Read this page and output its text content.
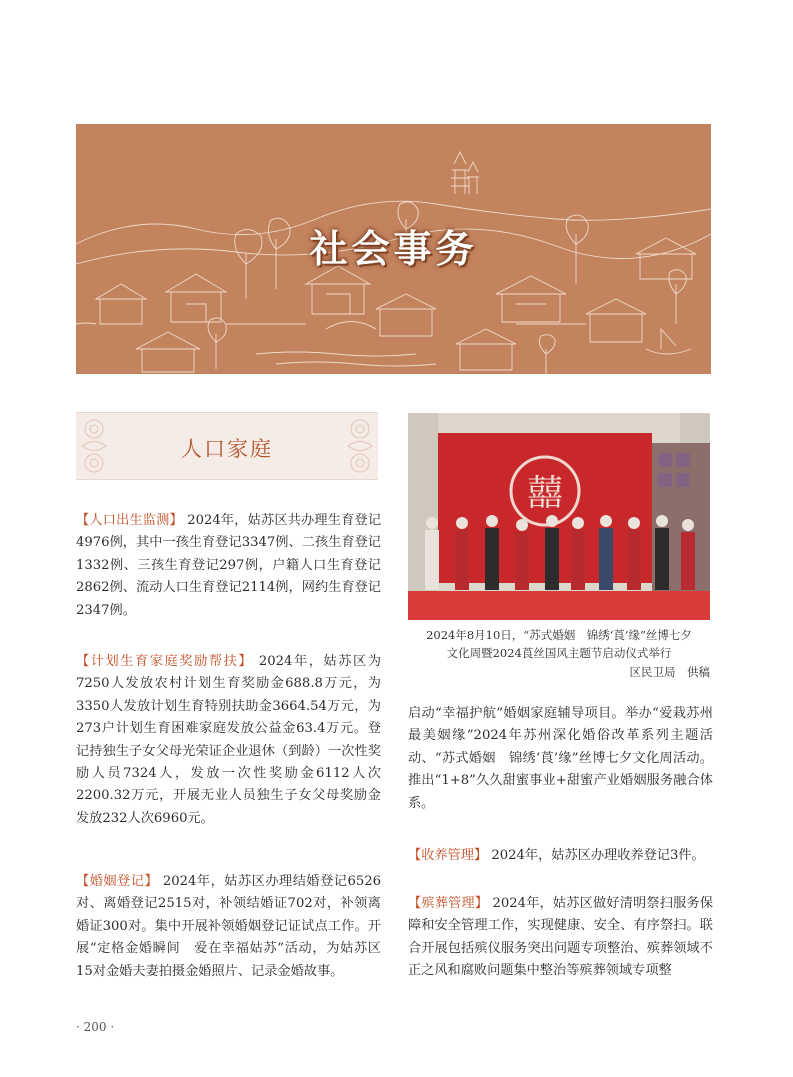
社会事务
人口家庭
【人口出生监测】 2024年，姑苏区共办理生育登记4976例，其中一孩生育登记3347例、二孩生育登记1332例、三孩生育登记297例，户籍人口生育登记2862例、流动人口生育登记2114例，网约生育登记2347例。
【计划生育家庭奖励帮扶】 2024年，姑苏区为7250人发放农村计划生育奖励金688.8万元，为3350人发放计划生育特别扶助金3664.54万元，为273户计划生育困难家庭发放公益金63.4万元。登记持独生子女父母光荣证企业退休（到龄）一次性奖励人员7324人，发放一次性奖励金6112人次2200.32万元，开展无业人员独生子女父母奖励金发放232人次6960元。
【婚姻登记】 2024年，姑苏区办理结婚登记6526对、离婚登记2515对，补领结婚证702对，补领离婚证300对。集中开展补领婚姻登记证试点工作。开展“定格金婚瞬间　爱在幸福姑苏”活动，为姑苏区15对金婚夫妻拍摄金婚照片、记录金婚故事。
囍
2024年8月10日，“苏式婚姻　锦绣‘莨’缘”丝博七夕
文化周暨2024莨丝国风主题节启动仪式举行
区民卫局　供稿
启动“幸福护航”婚姻家庭辅导项目。举办“爱栽苏州　最美姻缘”2024年苏州深化婚俗改革系列主题活动、“苏式婚姻　锦绣‘莨’缘”丝博七夕文化周活动。推出“1+8”久久甜蜜事业+甜蜜产业婚姻服务融合体系。
【收养管理】 2024年，姑苏区办理收养登记3件。
【殡葬管理】 2024年，姑苏区做好清明祭扫服务保障和安全管理工作，实现健康、安全、有序祭扫。联合开展包括殡仪服务突出问题专项整治、殡葬领域不正之风和腐败问题集中整治等殡葬领域专项整
· 200 ·
